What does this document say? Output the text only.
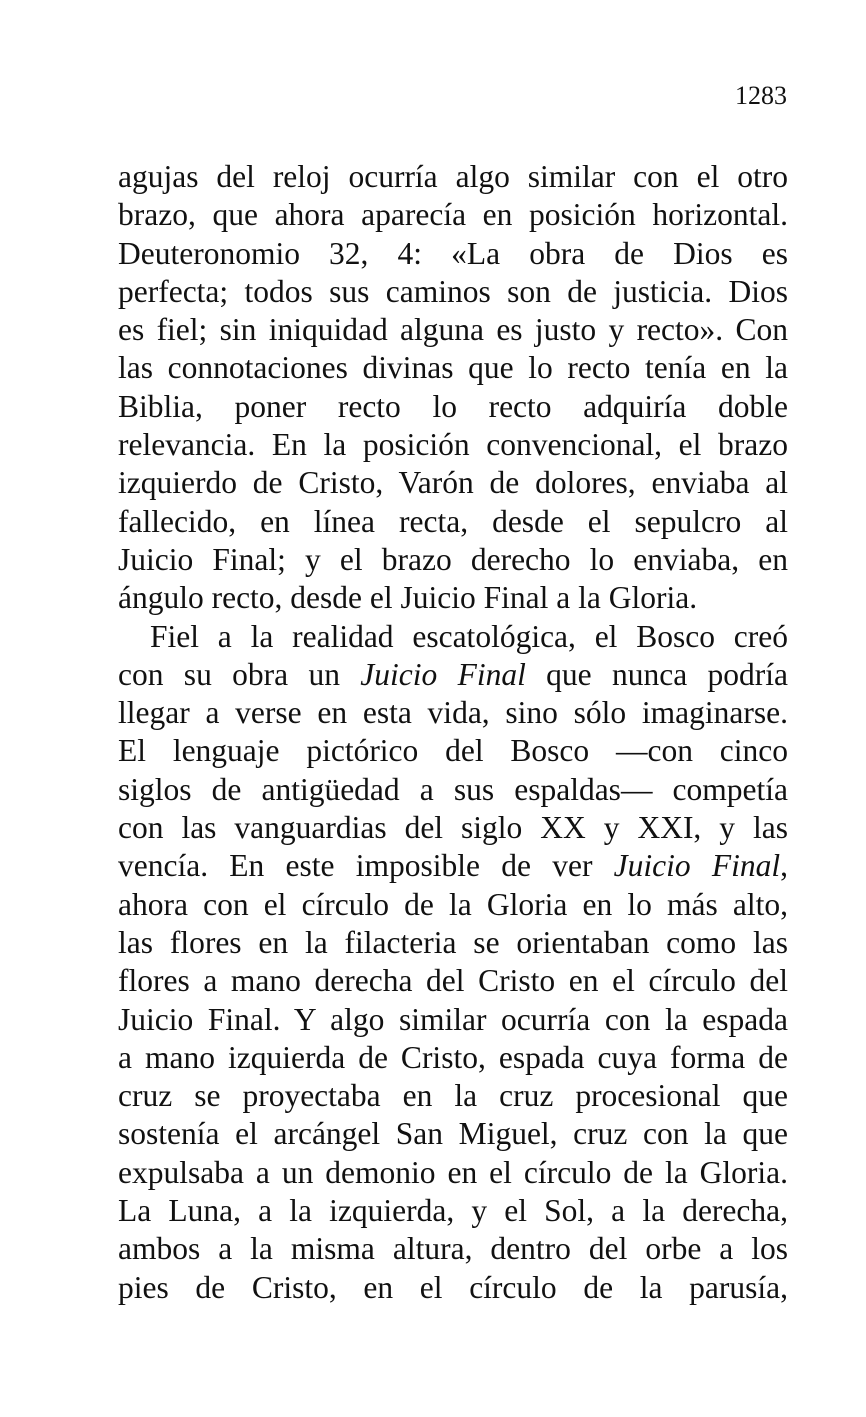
1283

agujas del reloj ocurría algo similar con el otro
brazo, que ahora aparecía en posición horizontal.
Deuteronomio 32, 4: «La obra de Dios es
perfecta; todos sus caminos son de justicia. Dios
es fiel; sin iniquidad alguna es justo y recto». Con
las connotaciones divinas que lo recto tenía en la
Biblia, poner recto lo recto adquiría doble
relevancia. En la posición convencional, el brazo
izquierdo de Cristo, Varón de dolores, enviaba al
fallecido, en línea recta, desde el sepulcro al
Juicio Final; y el brazo derecho lo enviaba, en
ángulo recto, desde el Juicio Final a la Gloria.
Fiel a la realidad escatológica, el Bosco creó
con su obra un Juicio Final que nunca podría
llegar a verse en esta vida, sino sólo imaginarse.
El lenguaje pictórico del Bosco —con cinco
siglos de antigüedad a sus espaldas— competía
con las vanguardias del siglo XX y XXI, y las
vencía. En este imposible de ver Juicio Final,
ahora con el círculo de la Gloria en lo más alto,
las flores en la filacteria se orientaban como las
flores a mano derecha del Cristo en el círculo del
Juicio Final. Y algo similar ocurría con la espada
a mano izquierda de Cristo, espada cuya forma de
cruz se proyectaba en la cruz procesional que
sostenía el arcángel San Miguel, cruz con la que
expulsaba a un demonio en el círculo de la Gloria.
La Luna, a la izquierda, y el Sol, a la derecha,
ambos a la misma altura, dentro del orbe a los
pies de Cristo, en el círculo de la parusía,
